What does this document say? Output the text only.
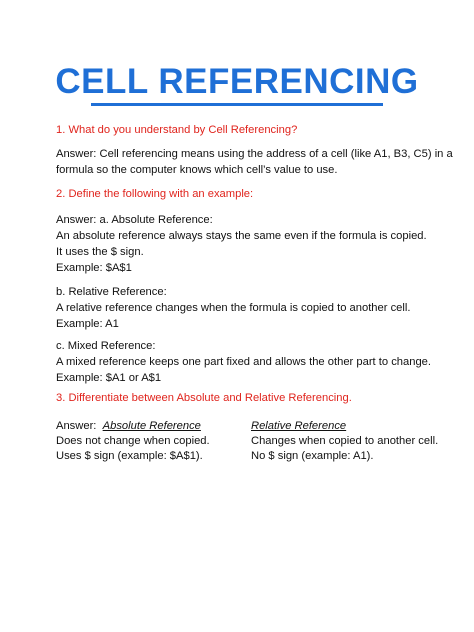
CELL REFERENCING
1. What do you understand by Cell Referencing?
Answer: Cell referencing means using the address of a cell (like A1, B3, C5) in a
formula so the computer knows which cell’s value to use.
2. Define the following with an example:
Answer: a. Absolute Reference:
An absolute reference always stays the same even if the formula is copied.
It uses the $ sign.
Example: $A$1
b. Relative Reference:
A relative reference changes when the formula is copied to another cell.
Example: A1
c. Mixed Reference:
A mixed reference keeps one part fixed and allows the other part to change.
Example: $A1 or A$1
3. Differentiate between Absolute and Relative Referencing.
Answer: Absolute Reference	Relative Reference
Does not change when copied.	Changes when copied to another cell.
Uses $ sign (example: $A$1).	No $ sign (example: A1).
